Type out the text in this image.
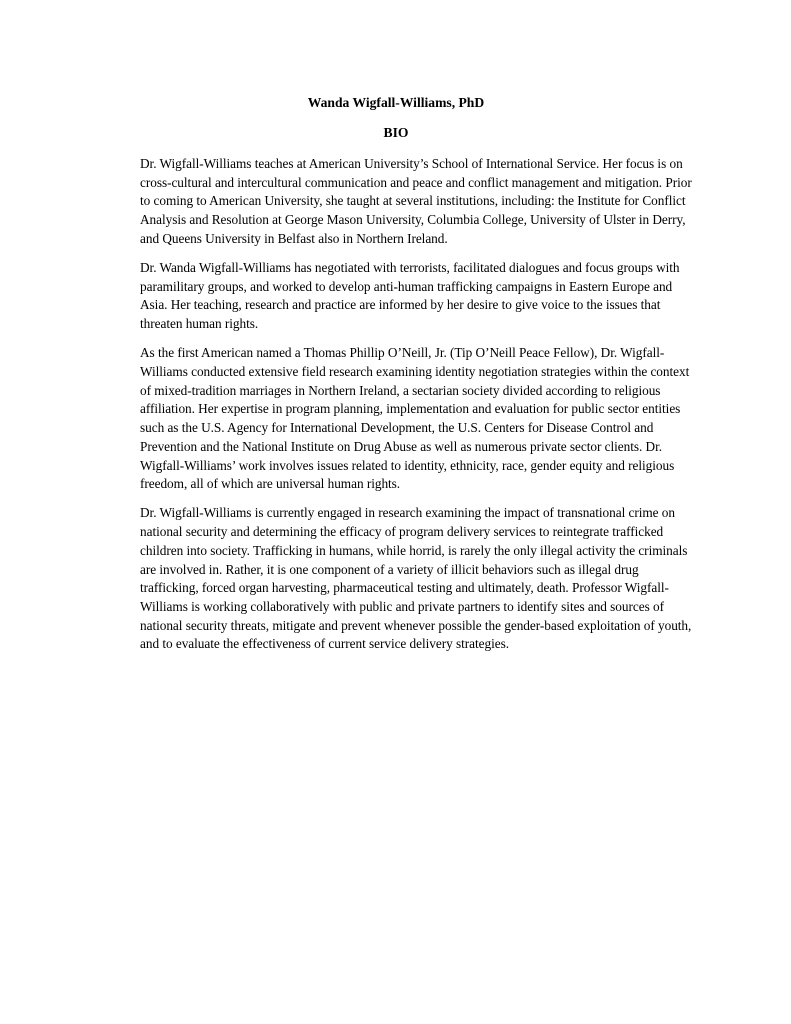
Wanda Wigfall-Williams, PhD
BIO

Dr. Wigfall-Williams teaches at American University’s School of International Service. Her focus is on cross-cultural and intercultural communication and peace and conflict management and mitigation. Prior to coming to American University, she taught at several institutions, including: the Institute for Conflict Analysis and Resolution at George Mason University, Columbia College, University of Ulster in Derry, and Queens University in Belfast also in Northern Ireland.

Dr. Wanda Wigfall-Williams has negotiated with terrorists, facilitated dialogues and focus groups with paramilitary groups, and worked to develop anti-human trafficking campaigns in Eastern Europe and Asia. Her teaching, research and practice are informed by her desire to give voice to the issues that threaten human rights.

As the first American named a Thomas Phillip O’Neill, Jr. (Tip O’Neill Peace Fellow), Dr. Wigfall-Williams conducted extensive field research examining identity negotiation strategies within the context of mixed-tradition marriages in Northern Ireland, a sectarian society divided according to religious affiliation. Her expertise in program planning, implementation and evaluation for public sector entities such as the U.S. Agency for International Development, the U.S. Centers for Disease Control and Prevention and the National Institute on Drug Abuse as well as numerous private sector clients. Dr. Wigfall-Williams’ work involves issues related to identity, ethnicity, race, gender equity and religious freedom, all of which are universal human rights.

Dr. Wigfall-Williams is currently engaged in research examining the impact of transnational crime on national security and determining the efficacy of program delivery services to reintegrate trafficked children into society. Trafficking in humans, while horrid, is rarely the only illegal activity the criminals are involved in. Rather, it is one component of a variety of illicit behaviors such as illegal drug trafficking, forced organ harvesting, pharmaceutical testing and ultimately, death. Professor Wigfall-Williams is working collaboratively with public and private partners to identify sites and sources of national security threats, mitigate and prevent whenever possible the gender-based exploitation of youth, and to evaluate the effectiveness of current service delivery strategies.
